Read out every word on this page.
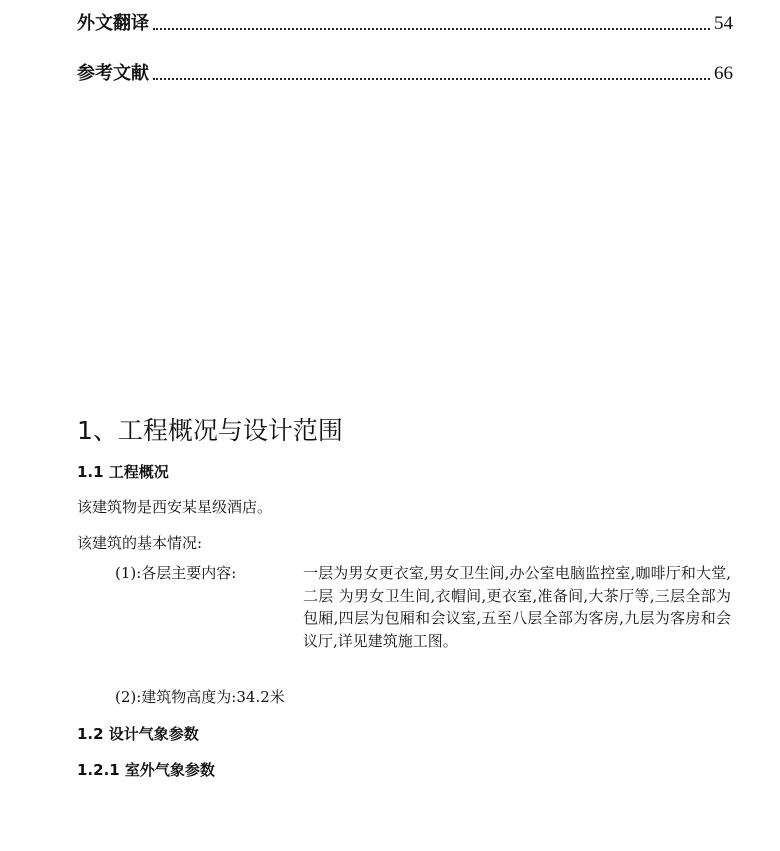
外文翻译	54
参考文献	66
1、工程概况与设计范围
1.1 工程概况
该建筑物是西安某星级酒店。
该建筑的基本情况:
(1):各层主要内容:	一层为男女更衣室,男女卫生间,办公室电脑监控室,咖啡厅和大堂,二层 为男女卫生间,衣帽间,更衣室,准备间,大茶厅等,三层全部为包厢,四层为包厢和会议室,五至八层全部为客房,九层为客房和会议厅,详见建筑施工图。
(2):建筑物高度为:34.2米
1.2 设计气象参数
1.2.1 室外气象参数
